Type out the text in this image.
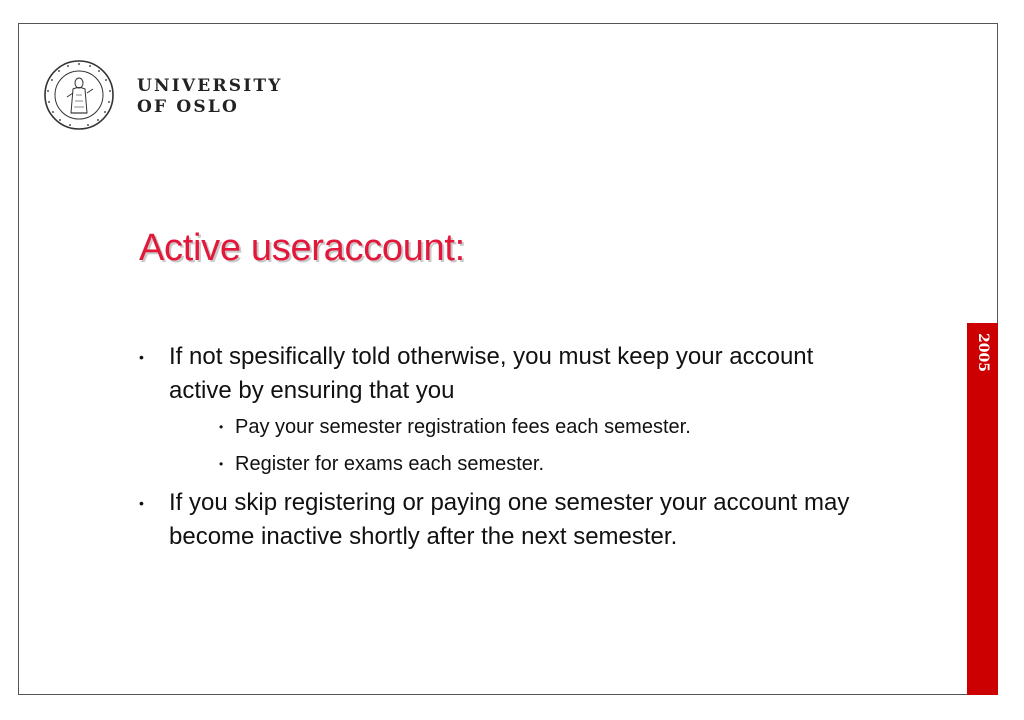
UNIVERSITY
OF OSLO
Active useraccount:
• If not spesifically told otherwise, you must keep your account active by ensuring that you
• Pay your semester registration fees each semester.
• Register for exams each semester.
• If you skip registering or paying one semester your account may become inactive shortly after the next semester.
2005
